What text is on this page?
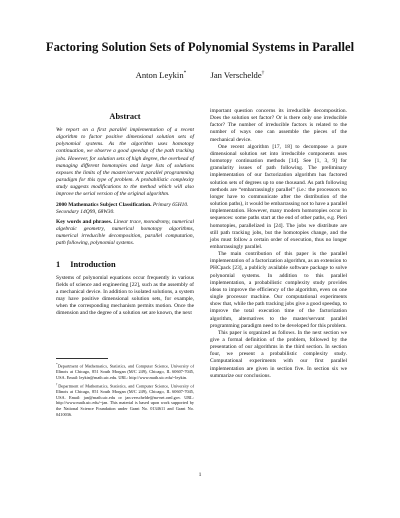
Factoring Solution Sets of Polynomial Systems in Parallel
Anton Leykin*	Jan Verschelde†
Abstract
We report on a first parallel implementation of a recent algorithm to factor positive dimensional solution sets of polynomial systems. As the algorithm uses homotopy continuation, we observe a good speedup of the path tracking jobs. However, for solution sets of high degree, the overhead of managing different homotopies and large lists of solutions exposes the limits of the master/servant parallel programming paradigm for this type of problem. A probabilistic complexity study suggests modifications to the method which will also improve the serial version of the original algorithm.
2000 Mathematics Subject Classification. Primary 65H10. Secondary 14Q99, 68W30.
Key words and phrases. Linear trace, monodromy, numerical algebraic geometry, numerical homotopy algorithms, numerical irreducible decomposition, parallel computation, path following, polynomial systems.
1 Introduction

Systems of polynomial equations occur frequently in various fields of science and engineering [22], such as the assembly of a mechanical device. In addition to isolated solutions, a system may have positive dimensional solution sets, for example, when the corresponding mechanism permits motion. Once the dimension and the degree of a solution set are known, the next

*Department of Mathematics, Statistics, and Computer Science, University of Illinois at Chicago, 851 South Morgan (M/C 249), Chicago, IL 60607-7045, USA. Email: leykin@math.uic.edu. URL: http://www.math.uic.edu/~leykin.

†Department of Mathematics, Statistics, and Computer Science, University of Illinois at Chicago, 851 South Morgan (M/C 249), Chicago, IL 60607-7045, USA. Email: jan@math.uic.edu or jan.verschelde@na-net.ornl.gov. URL: http://www.math.uic.edu/~jan. This material is based upon work supported by the National Science Foundation under Grant No. 0134611 and Grant No. 0410036.

important question concerns its irreducible decomposition. Does the solution set factor? Or is there only one irreducible factor? The number of irreducible factors is related to the number of ways one can assemble the pieces of the mechanical device.

One recent algorithm [17, 18] to decompose a pure dimensional solution set into irreducible components uses homotopy continuation methods [14]. See [1, 3, 9] for granularity issues of path following. The preliminary implementation of our factorization algorithm has factored solution sets of degrees up to one thousand. As path following methods are “embarrassingly parallel” (i.e.: the processors no longer have to communicate after the distribution of the solution paths), it would be embarrassing not to have a parallel implementation. However, many modern homotopies occur in sequences: some paths start at the end of other paths, e.g. Pieri homotopies, parallelized in [24]. The jobs we distribute are still path tracking jobs, but the homotopies change, and the jobs must follow a certain order of execution, thus no longer embarrassingly parallel.

The main contribution of this paper is the parallel implementation of a factorization algorithm, as an extension to PHCpack [23], a publicly available software package to solve polynomial systems. In addition to this parallel implementation, a probabilistic complexity study provides ideas to improve the efficiency of the algorithm, even on one single processor machine. Our computational experiments show that, while the path tracking jobs give a good speedup, to improve the total execution time of the factorization algorithm, alternatives to the master/servant parallel programming paradigm need to be developed for this problem.

This paper is organized as follows. In the next section we give a formal definition of the problem, followed by the presentation of our algorithms in the third section. In section four, we present a probabilistic complexity study. Computational experiments with our first parallel implementation are given in section five. In section six we summarize our conclusions.

1
